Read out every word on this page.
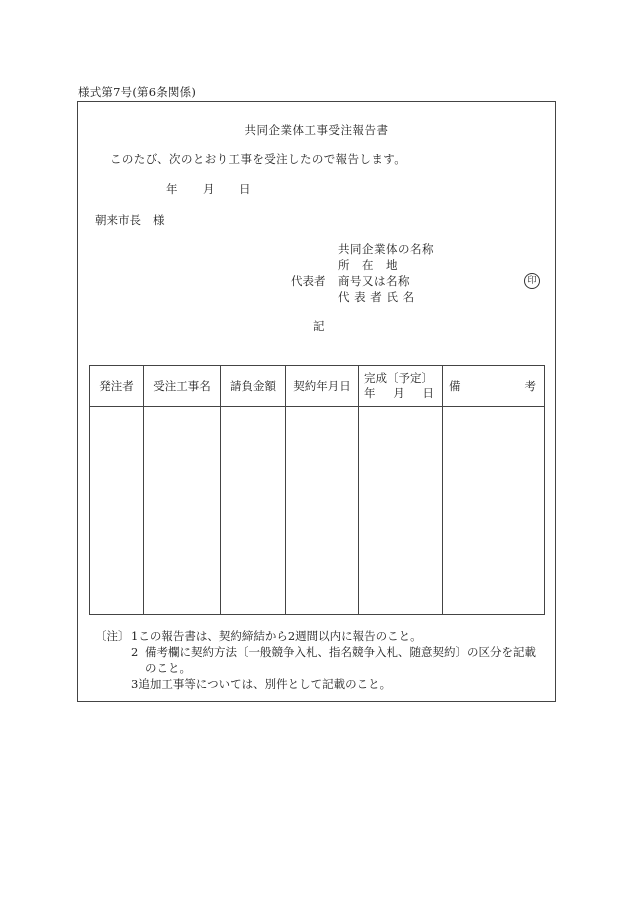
様式第7号(第6条関係)
共同企業体工事受注報告書
このたび、次のとおり工事を受注したので報告します。
年 月 日
朝来市長 様
共同企業体の名称
所　在　地
代表者 商号又は名称
代 表 者 氏 名
印
記
発注者	受注工事名	請負金額	契約年月日	完成〔予定〕
年 月 日	備 考

〔注〕 1この報告書は、契約締結から2週間以内に報告のこと。
2 備考欄に契約方法〔一般競争入札、指名競争入札、随意契約〕の区分を記載のこと。
3追加工事等については、別件として記載のこと。
